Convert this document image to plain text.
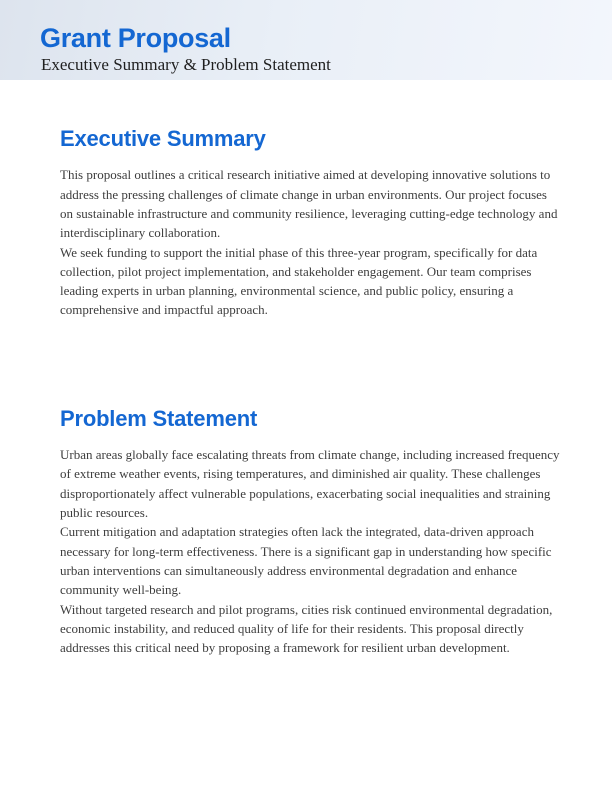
Grant Proposal
Executive Summary & Problem Statement
Executive Summary

This proposal outlines a critical research initiative aimed at developing innovative solutions to address the pressing challenges of climate change in urban environments. Our project focuses on sustainable infrastructure and community resilience, leveraging cutting-edge technology and interdisciplinary collaboration.

We seek funding to support the initial phase of this three-year program, specifically for data collection, pilot project implementation, and stakeholder engagement. Our team comprises leading experts in urban planning, environmental science, and public policy, ensuring a comprehensive and impactful approach.

Problem Statement

Urban areas globally face escalating threats from climate change, including increased frequency of extreme weather events, rising temperatures, and diminished air quality. These challenges disproportionately affect vulnerable populations, exacerbating social inequalities and straining public resources.

Current mitigation and adaptation strategies often lack the integrated, data-driven approach necessary for long-term effectiveness. There is a significant gap in understanding how specific urban interventions can simultaneously address environmental degradation and enhance community well-being.

Without targeted research and pilot programs, cities risk continued environmental degradation, economic instability, and reduced quality of life for their residents. This proposal directly addresses this critical need by proposing a framework for resilient urban development.
